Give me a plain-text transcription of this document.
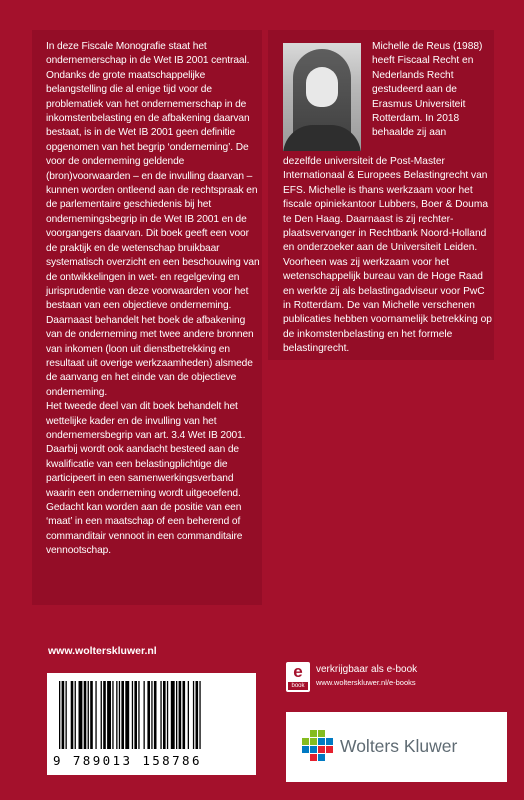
In deze Fiscale Monografie staat het ondernemerschap in de Wet IB 2001 centraal. Ondanks de grote maatschappelijke belangstelling die al enige tijd voor de problematiek van het ondernemerschap in de inkomstenbelasting en de afbakening daarvan bestaat, is in de Wet IB 2001 geen definitie opgenomen van het begrip ‘onderneming’. De voor de onderneming geldende (bron)voorwaarden – en de invulling daarvan – kunnen worden ontleend aan de rechtspraak en de parlementaire geschiedenis bij het ondernemingsbegrip in de Wet IB 2001 en de voorgangers daarvan. Dit boek geeft een voor de praktijk en de wetenschap bruikbaar systematisch overzicht en een beschouwing van de ontwikkelingen in wet- en regelgeving en jurisprudentie van deze voorwaarden voor het bestaan van een objectieve onderneming. Daarnaast behandelt het boek de afbakening van de onderneming met twee andere bronnen van inkomen (loon uit dienstbetrekking en resultaat uit overige werkzaamheden) alsmede de aanvang en het einde van de objectieve onderneming.

Het tweede deel van dit boek behandelt het wettelijke kader en de invulling van het ondernemersbegrip van art. 3.4 Wet IB 2001. Daarbij wordt ook aandacht besteed aan de kwalificatie van een belastingplichtige die participeert in een samenwerkingsverband waarin een onderneming wordt uitgeoefend. Gedacht kan worden aan de positie van een ‘maat’ in een maatschap of een beherend of commanditair vennoot in een commanditaire vennootschap.

Michelle de Reus (1988) heeft Fiscaal Recht en Nederlands Recht gestudeerd aan de Erasmus Universiteit Rotterdam. In 2018 behaalde zij aan
dezelfde universiteit de Post-Master Internationaal & Europees Belastingrecht van EFS. Michelle is thans werkzaam voor het fiscale opiniekantoor Lubbers, Boer & Douma te Den Haag. Daarnaast is zij rechter-plaatsvervanger in Rechtbank Noord-Holland en onderzoeker aan de Universiteit Leiden. Voorheen was zij werkzaam voor het wetenschappelijk bureau van de Hoge Raad en werkte zij als belastingadviseur voor PwC in Rotterdam. De van Michelle verschenen publicaties hebben voornamelijk betrekking op de inkomstenbelasting en het formele belastingrecht.
www.wolterskluwer.nl
9 789013 158786
e
book
verkrijgbaar als e-book
www.wolterskluwer.nl/e-books
Wolters Kluwer
